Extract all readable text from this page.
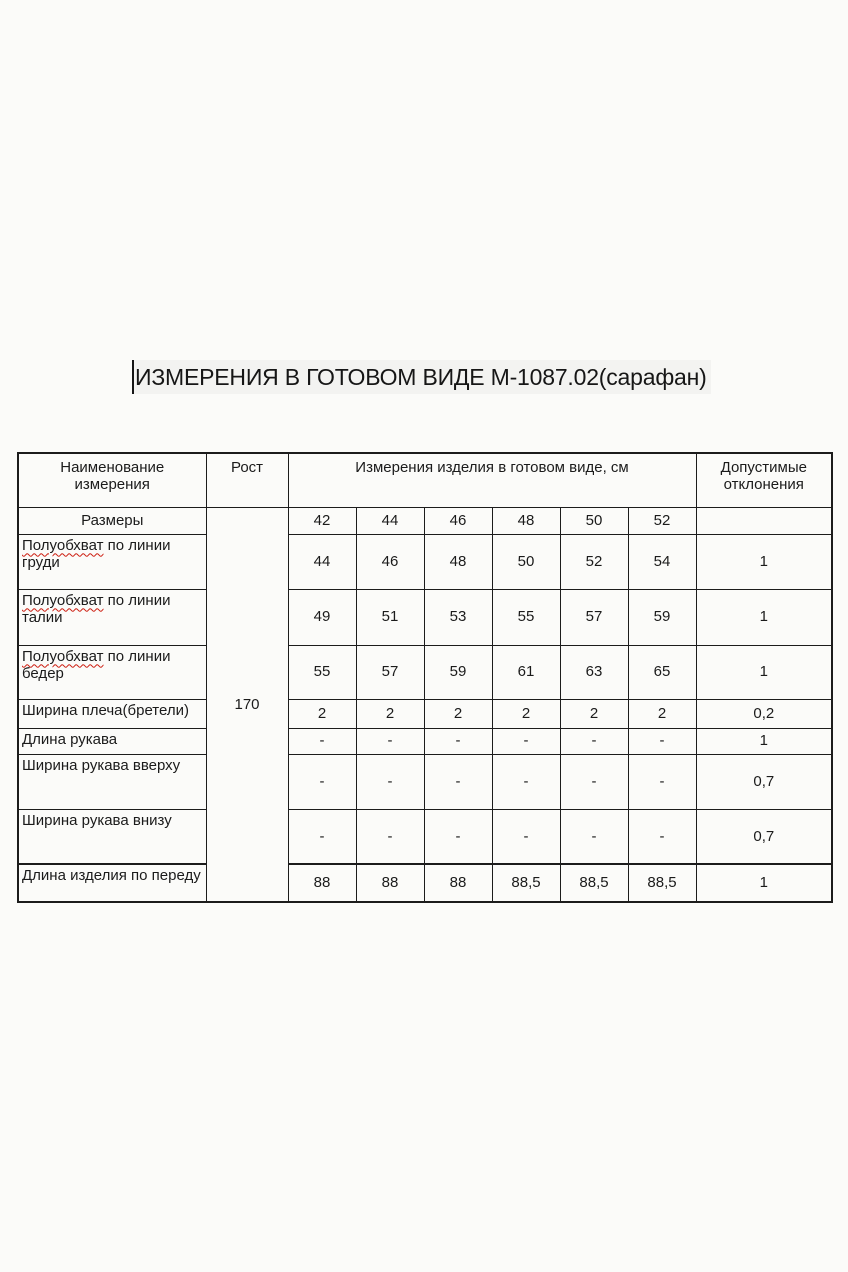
ИЗМЕРЕНИЯ В ГОТОВОМ ВИДЕ М-1087.02(сарафан)
Наименование измерения	Рост	Измерения изделия в готовом виде, см						Допустимые отклонения
Размеры	170	42	44	46	48	50	52	
Полуобхват по линии груди		44	46	48	50	52	54	1
Полуобхват по линии талии		49	51	53	55	57	59	1
Полуобхват по линии бедер		55	57	59	61	63	65	1
Ширина плеча(бретели)		2	2	2	2	2	2	0,2
Длина рукава		-	-	-	-	-	-	1
Ширина рукава вверху		-	-	-	-	-	-	0,7
Ширина рукава внизу		-	-	-	-	-	-	0,7
Длина изделия по переду		88	88	88	88,5	88,5	88,5	1
